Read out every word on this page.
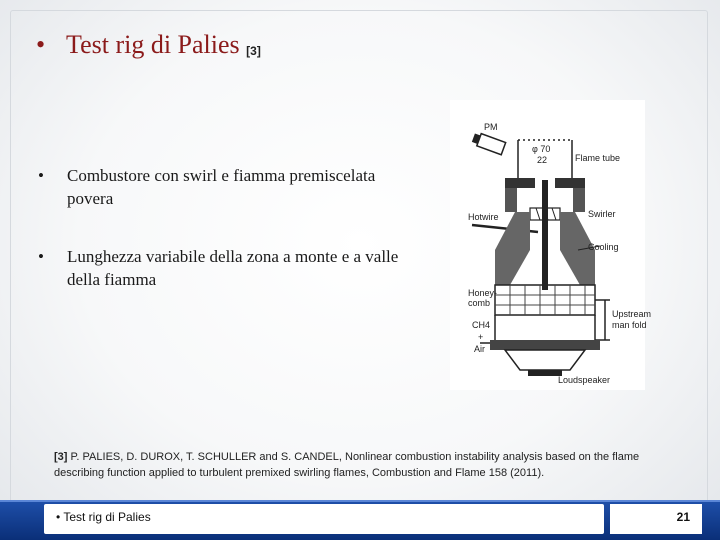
• Test rig di Palies [3]
• Combustore con swirl e fiamma premiscelata povera
• Lunghezza variabile della zona a monte e a valle della fiamma
PM
φ 70
22	Flame tube
Swirler
Hotwire
Cooling
Honey-
comb
Upstream
man fold
CH4
+
Air
Loudspeaker
[3] P. PALIES, D. DUROX, T. SCHULLER and S. CANDEL, Nonlinear combustion instability analysis based on the flame describing function applied to turbulent premixed swirling flames, Combustion and Flame 158 (2011).
• Test rig di Palies	21
